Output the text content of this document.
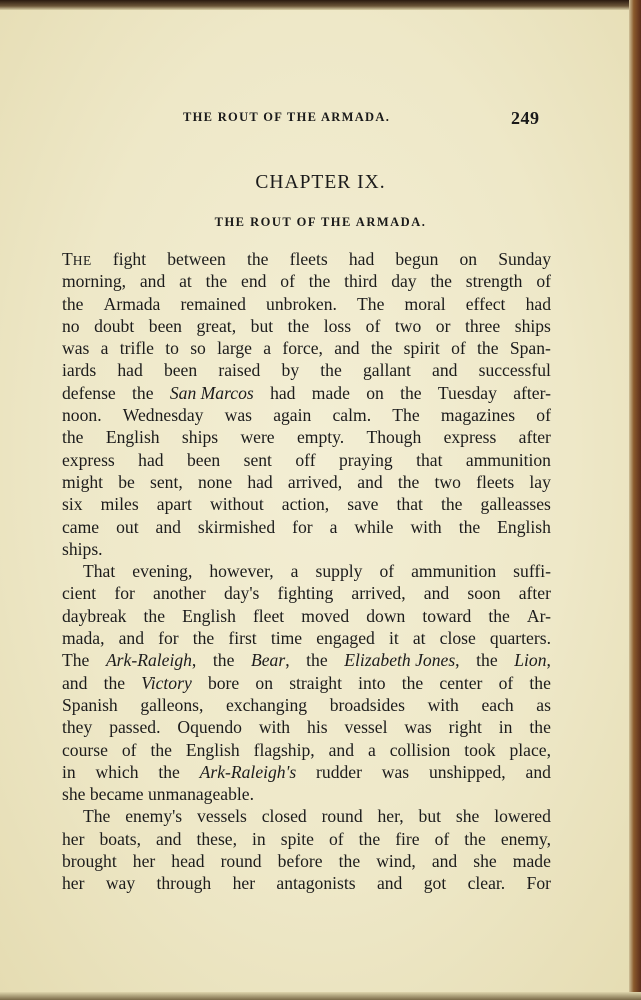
THE ROUT OF THE ARMADA.	249
CHAPTER IX.
THE ROUT OF THE ARMADA.
THE fight between the fleets had begun on Sunday
morning, and at the end of the third day the strength of
the Armada remained unbroken. The moral effect had
no doubt been great, but the loss of two or three ships
was a trifle to so large a force, and the spirit of the Span-
iards had been raised by the gallant and successful
defense the San Marcos had made on the Tuesday after-
noon. Wednesday was again calm. The magazines of
the English ships were empty. Though express after
express had been sent off praying that ammunition
might be sent, none had arrived, and the two fleets lay
six miles apart without action, save that the galleasses
came out and skirmished for a while with the English
ships.
That evening, however, a supply of ammunition suffi-
cient for another day's fighting arrived, and soon after
daybreak the English fleet moved down toward the Ar-
mada, and for the first time engaged it at close quarters.
The Ark-Raleigh, the Bear, the Elizabeth Jones, the Lion,
and the Victory bore on straight into the center of the
Spanish galleons, exchanging broadsides with each as
they passed. Oquendo with his vessel was right in the
course of the English flagship, and a collision took place,
in which the Ark-Raleigh's rudder was unshipped, and
she
became
unmanageable.
The enemy's vessels closed round her, but she lowered
her boats, and these, in spite of the fire of the enemy,
brought her head round before the wind, and she made
her way through her antagonists and got clear. For
